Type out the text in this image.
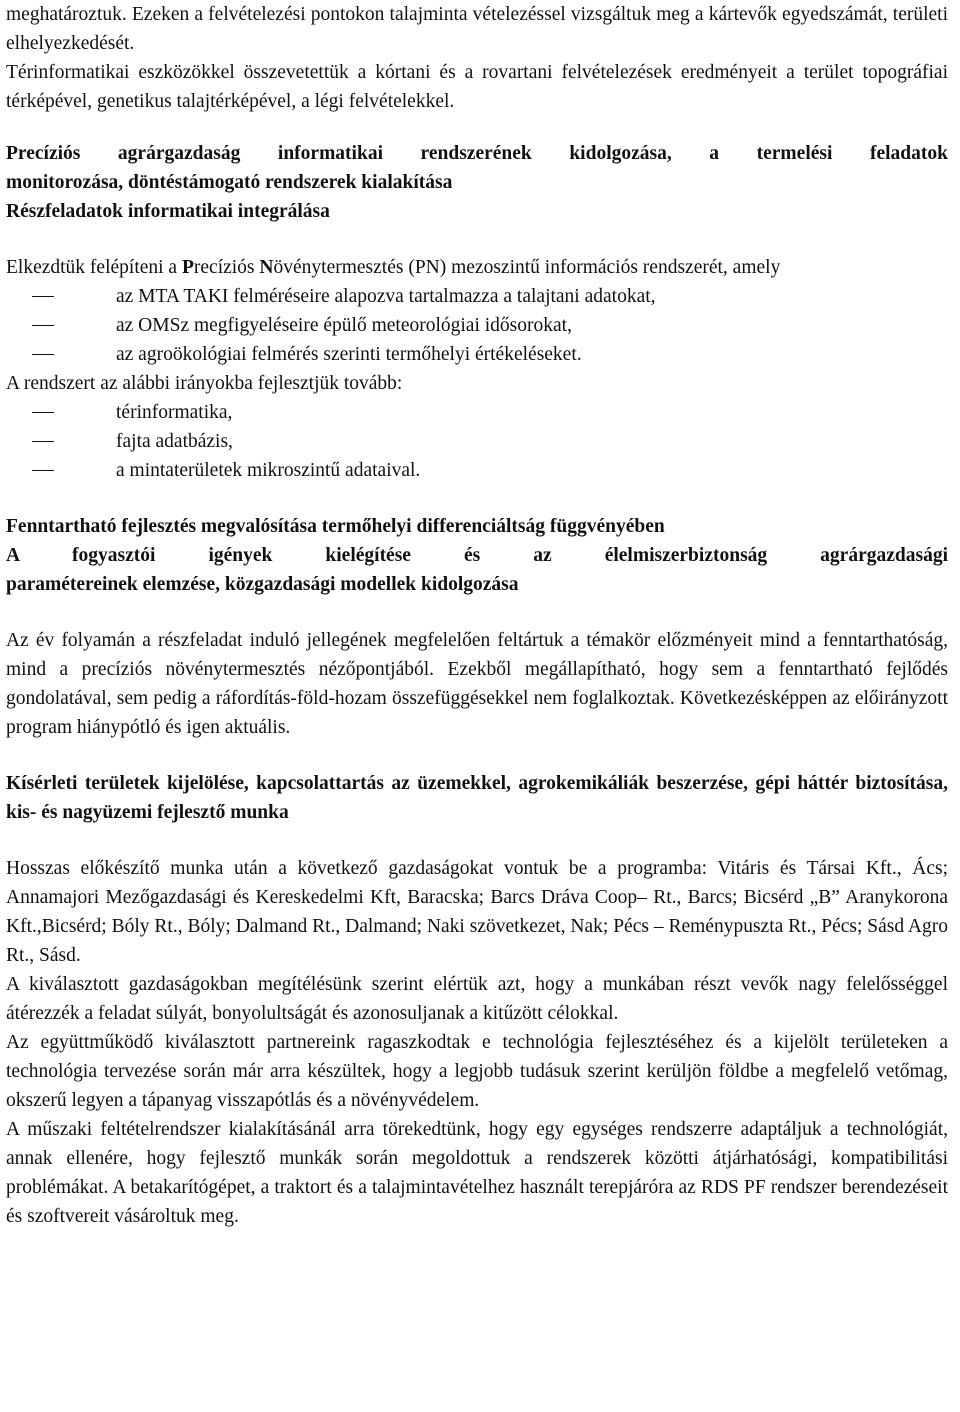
meghatároztuk. Ezeken a felvételezési pontokon talajminta vételezéssel vizsgáltuk meg a kártevők egyedszámát, területi elhelyezkedését.

Térinformatikai eszközökkel összevetettük a kórtani és a rovartani felvételezések eredményeit a terület topográfiai térképével, genetikus talajtérképével, a légi felvételekkel.

Precíziós agrárgazdaság informatikai rendszerének kidolgozása, a termelési feladatok
monitorozása, döntéstámogató rendszerek kialakítása
Részfeladatok informatikai integrálása

Elkezdtük felépíteni a Precíziós Növénytermesztés (PN) mezoszintű információs rendszerét, amely

az MTA TAKI felméréseire alapozva tartalmazza a talajtani adatokat,
az OMSz megfigyeléseire épülő meteorológiai idősorokat,
az agroökológiai felmérés szerinti termőhelyi értékeléseket.

A rendszert az alábbi irányokba fejlesztjük tovább:

térinformatika,
fajta adatbázis,
a mintaterületek mikroszintű adataival.
Fenntartható fejlesztés megvalósítása termőhelyi differenciáltság függvényében
A fogyasztói igények kielégítése és az élelmiszerbiztonság agrárgazdasági
paramétereinek elemzése, közgazdasági modellek kidolgozása

Az év folyamán a részfeladat induló jellegének megfelelően feltártuk a témakör előzményeit mind a fenntarthatóság, mind a precíziós növénytermesztés nézőpontjából. Ezekből megállapítható, hogy sem a fenntartható fejlődés gondolatával, sem pedig a ráfordítás-föld-hozam összefüggésekkel nem foglalkoztak. Következésképpen az előirányzott program hiánypótló és igen aktuális.

Kísérleti területek kijelölése, kapcsolattartás az üzemekkel, agrokemikáliák beszerzése, gépi háttér biztosítása, kis- és nagyüzemi fejlesztő munka

Hosszas előkészítő munka után a következő gazdaságokat vontuk be a programba: Vitáris és Társai Kft., Ács; Annamajori Mezőgazdasági és Kereskedelmi Kft, Baracska; Barcs Dráva Coop– Rt., Barcs; Bicsérd „B” Aranykorona Kft.,Bicsérd; Bóly Rt., Bóly; Dalmand Rt., Dalmand; Naki szövetkezet, Nak; Pécs – Reménypuszta Rt., Pécs; Sásd Agro Rt., Sásd.

A kiválasztott gazdaságokban megítélésünk szerint elértük azt, hogy a munkában részt vevők nagy felelősséggel átérezzék a feladat súlyát, bonyolultságát és azonosuljanak a kitűzött célokkal.

Az együttműködő kiválasztott partnereink ragaszkodtak e technológia fejlesztéséhez és a kijelölt területeken a technológia tervezése során már arra készültek, hogy a legjobb tudásuk szerint kerüljön földbe a megfelelő vetőmag, okszerű legyen a tápanyag visszapótlás és a növényvédelem.

A műszaki feltételrendszer kialakításánál arra törekedtünk, hogy egy egységes rendszerre adaptáljuk a technológiát, annak ellenére, hogy fejlesztő munkák során megoldottuk a rendszerek közötti átjárhatósági, kompatibilitási problémákat. A betakarítógépet, a traktort és a talajmintavételhez használt terepjáróra az RDS PF rendszer berendezéseit és szoftvereit vásároltuk meg.
